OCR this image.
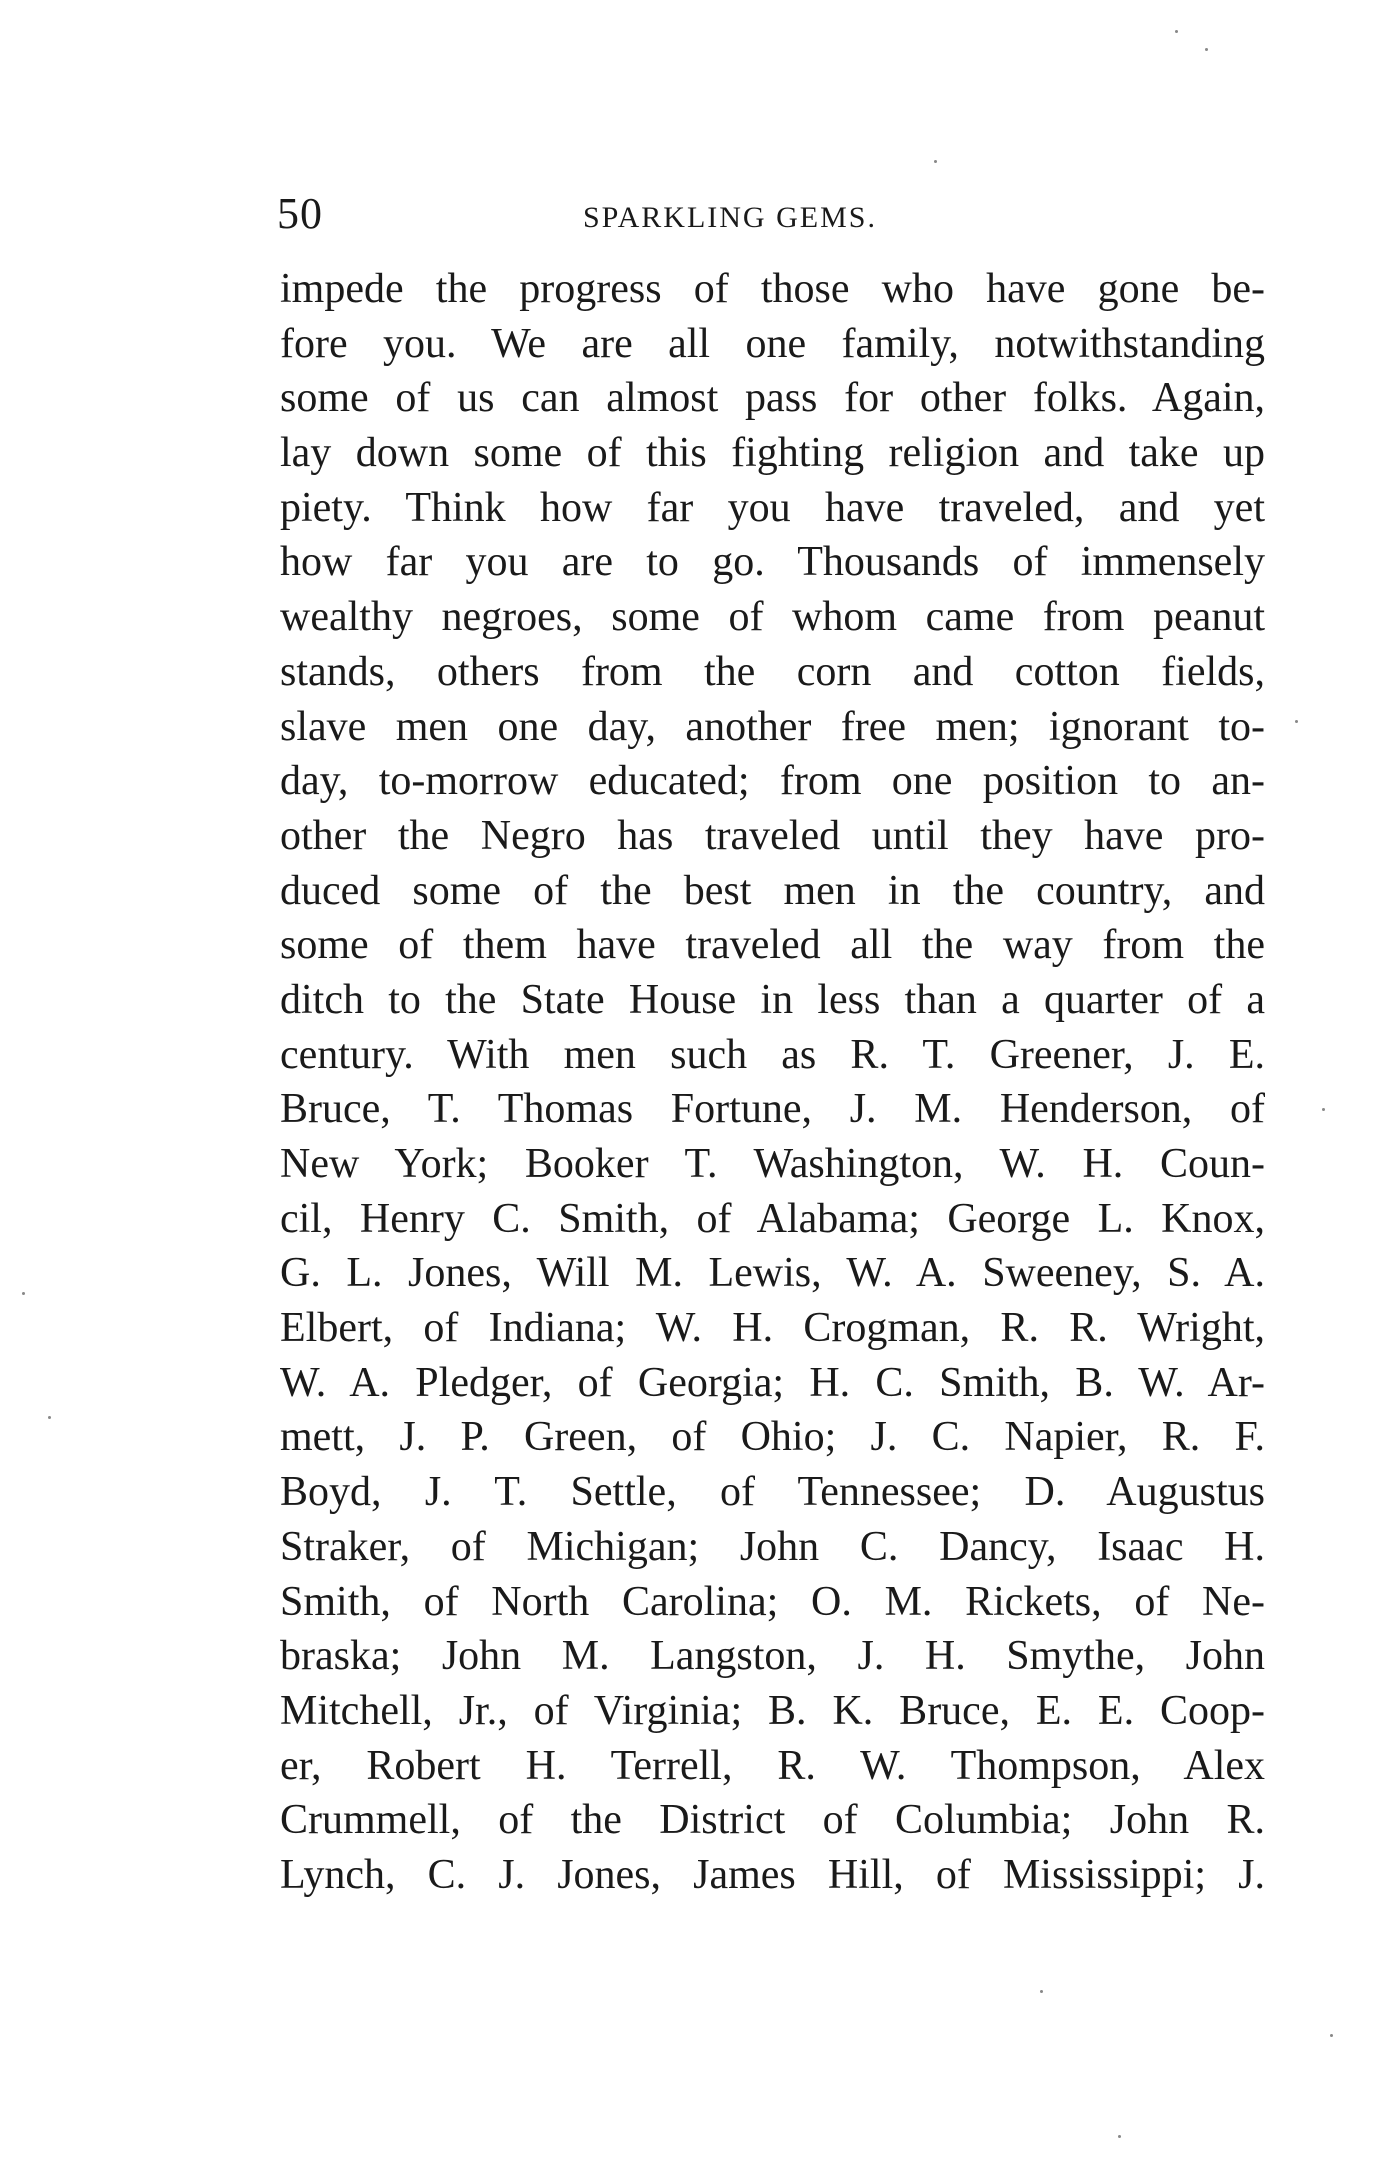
50	SPARKLING GEMS.
impede the progress of those who have gone be-
fore you. We are all one family, notwithstanding
some of us can almost pass for other folks. Again,
lay down some of this fighting religion and take up
piety. Think how far you have traveled, and yet
how far you are to go. Thousands of immensely
wealthy negroes, some of whom came from peanut
stands, others from the corn and cotton fields,
slave men one day, another free men; ignorant to-
day, to-morrow educated; from one position to an-
other the Negro has traveled until they have pro-
duced some of the best men in the country, and
some of them have traveled all the way from the
ditch to the State House in less than a quarter of a
century. With men such as R. T. Greener, J. E.
Bruce, T. Thomas Fortune, J. M. Henderson, of
New York; Booker T. Washington, W. H. Coun-
cil, Henry C. Smith, of Alabama; George L. Knox,
G. L. Jones, Will M. Lewis, W. A. Sweeney, S. A.
Elbert, of Indiana; W. H. Crogman, R. R. Wright,
W. A. Pledger, of Georgia; H. C. Smith, B. W. Ar-
mett, J. P. Green, of Ohio; J. C. Napier, R. F.
Boyd, J. T. Settle, of Tennessee; D. Augustus
Straker, of Michigan; John C. Dancy, Isaac H.
Smith, of North Carolina; O. M. Rickets, of Ne-
braska; John M. Langston, J. H. Smythe, John
Mitchell, Jr., of Virginia; B. K. Bruce, E. E. Coop-
er, Robert H. Terrell, R. W. Thompson, Alex
Crummell, of the District of Columbia; John R.
Lynch, C. J. Jones, James Hill, of Mississippi; J.
